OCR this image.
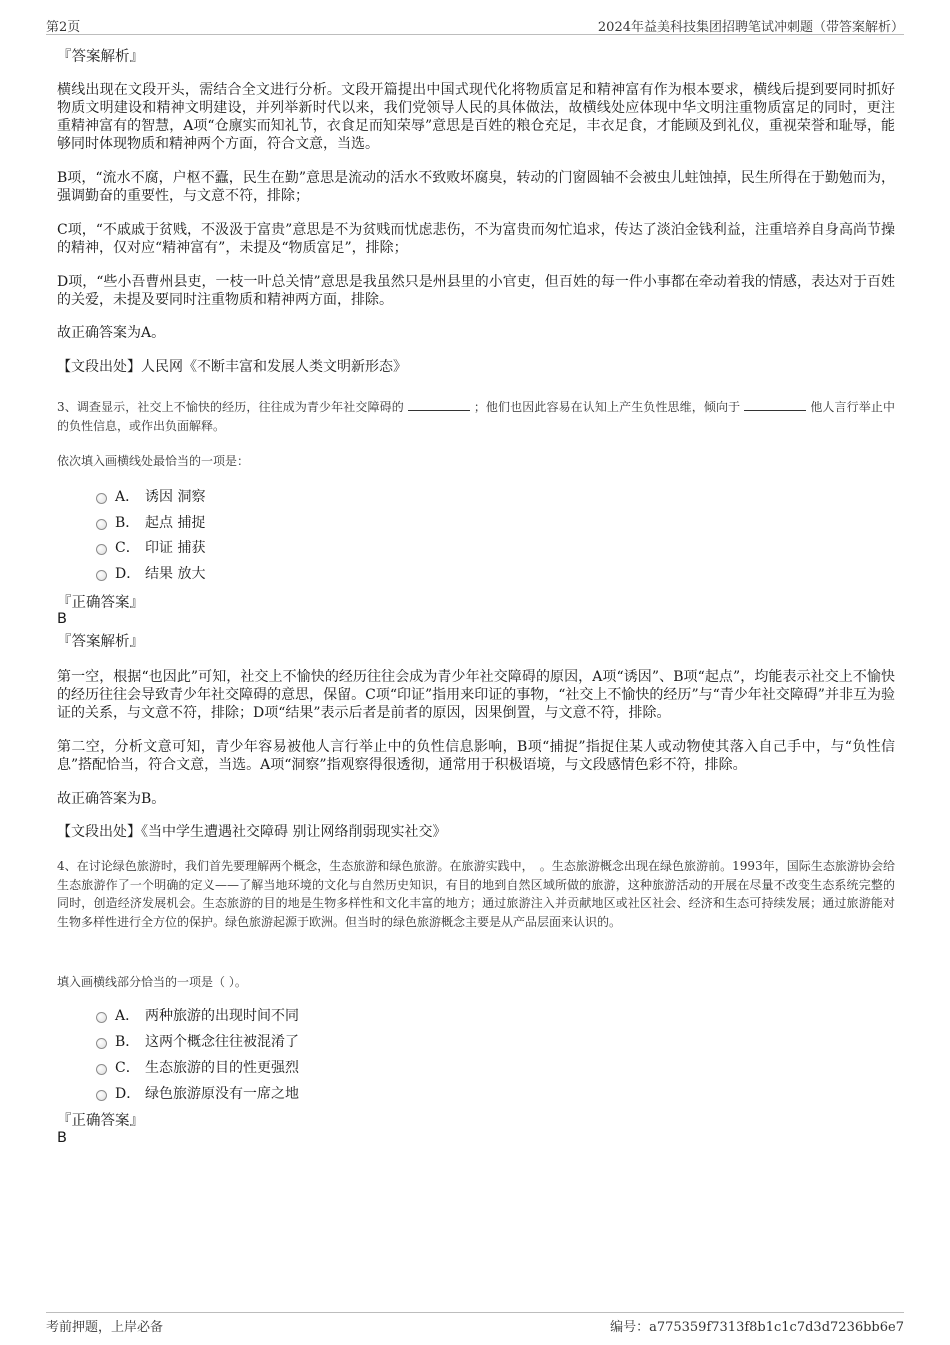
第2页	2024年益美科技集团招聘笔试冲刺题（带答案解析）
『答案解析』
横线出现在文段开头，需结合全文进行分析。文段开篇提出中国式现代化将物质富足和精神富有作为根本要求，横线后提到要同时抓好物质文明建设和精神文明建设，并列举新时代以来，我们党领导人民的具体做法，故横线处应体现中华文明注重物质富足的同时，更注重精神富有的智慧，A项“仓廪实而知礼节，衣食足而知荣辱”意思是百姓的粮仓充足，丰衣足食，才能顾及到礼仪，重视荣誉和耻辱，能够同时体现物质和精神两个方面，符合文意，当选。
B项，“流水不腐，户枢不蠹，民生在勤”意思是流动的活水不致败坏腐臭，转动的门窗圆轴不会被虫儿蛀蚀掉，民生所得在于勤勉而为，强调勤奋的重要性，与文意不符，排除；
C项，“不戚戚于贫贱，不汲汲于富贵”意思是不为贫贱而忧虑悲伤，不为富贵而匆忙追求，传达了淡泊金钱利益，注重培养自身高尚节操的精神，仅对应“精神富有”，未提及“物质富足”，排除；
D项，“些小吾曹州县吏，一枝一叶总关情”意思是我虽然只是州县里的小官吏，但百姓的每一件小事都在牵动着我的情感，表达对于百姓的关爱，未提及要同时注重物质和精神两方面，排除。
故正确答案为A。
【文段出处】人民网《不断丰富和发展人类文明新形态》
3、调查显示，社交上不愉快的经历，往往成为青少年社交障碍的	；他们也因此容易在认知上产生负性思维，倾向于	他人言行举止中的负性信息，或作出负面解释。
依次填入画横线处最恰当的一项是：
A． 诱因 洞察
B． 起点 捕捉
C． 印证 捕获
D． 结果 放大
『正确答案』
B
『答案解析』
第一空，根据“也因此”可知，社交上不愉快的经历往往会成为青少年社交障碍的原因，A项“诱因”、B项“起点”，均能表示社交上不愉快的经历往往会导致青少年社交障碍的意思，保留。C项“印证”指用来印证的事物，“社交上不愉快的经历”与“青少年社交障碍”并非互为验证的关系，与文意不符，排除；D项“结果”表示后者是前者的原因，因果倒置，与文意不符，排除。
第二空，分析文意可知，青少年容易被他人言行举止中的负性信息影响，B项“捕捉”指捉住某人或动物使其落入自己手中，与“负性信息”搭配恰当，符合文意，当选。A项“洞察”指观察得很透彻，通常用于积极语境，与文段感情色彩不符，排除。
故正确答案为B。
【文段出处】《当中学生遭遇社交障碍 别让网络削弱现实社交》
4、在讨论绿色旅游时，我们首先要理解两个概念，生态旅游和绿色旅游。在旅游实践中，　。生态旅游概念出现在绿色旅游前。1993年，国际生态旅游协会给生态旅游作了一个明确的定义——了解当地环境的文化与自然历史知识，有目的地到自然区域所做的旅游，这种旅游活动的开展在尽量不改变生态系统完整的同时，创造经济发展机会。生态旅游的目的地是生物多样性和文化丰富的地方；通过旅游注入并贡献地区或社区社会、经济和生态可持续发展；通过旅游能对生物多样性进行全方位的保护。绿色旅游起源于欧洲。但当时的绿色旅游概念主要是从产品层面来认识的。
填入画横线部分恰当的一项是（ ）。
A． 两种旅游的出现时间不同
B． 这两个概念往往被混淆了
C． 生态旅游的目的性更强烈
D． 绿色旅游原没有一席之地
『正确答案』
B
考前押题，上岸必备	编号：a775359f7313f8b1c1c7d3d7236bb6e7
